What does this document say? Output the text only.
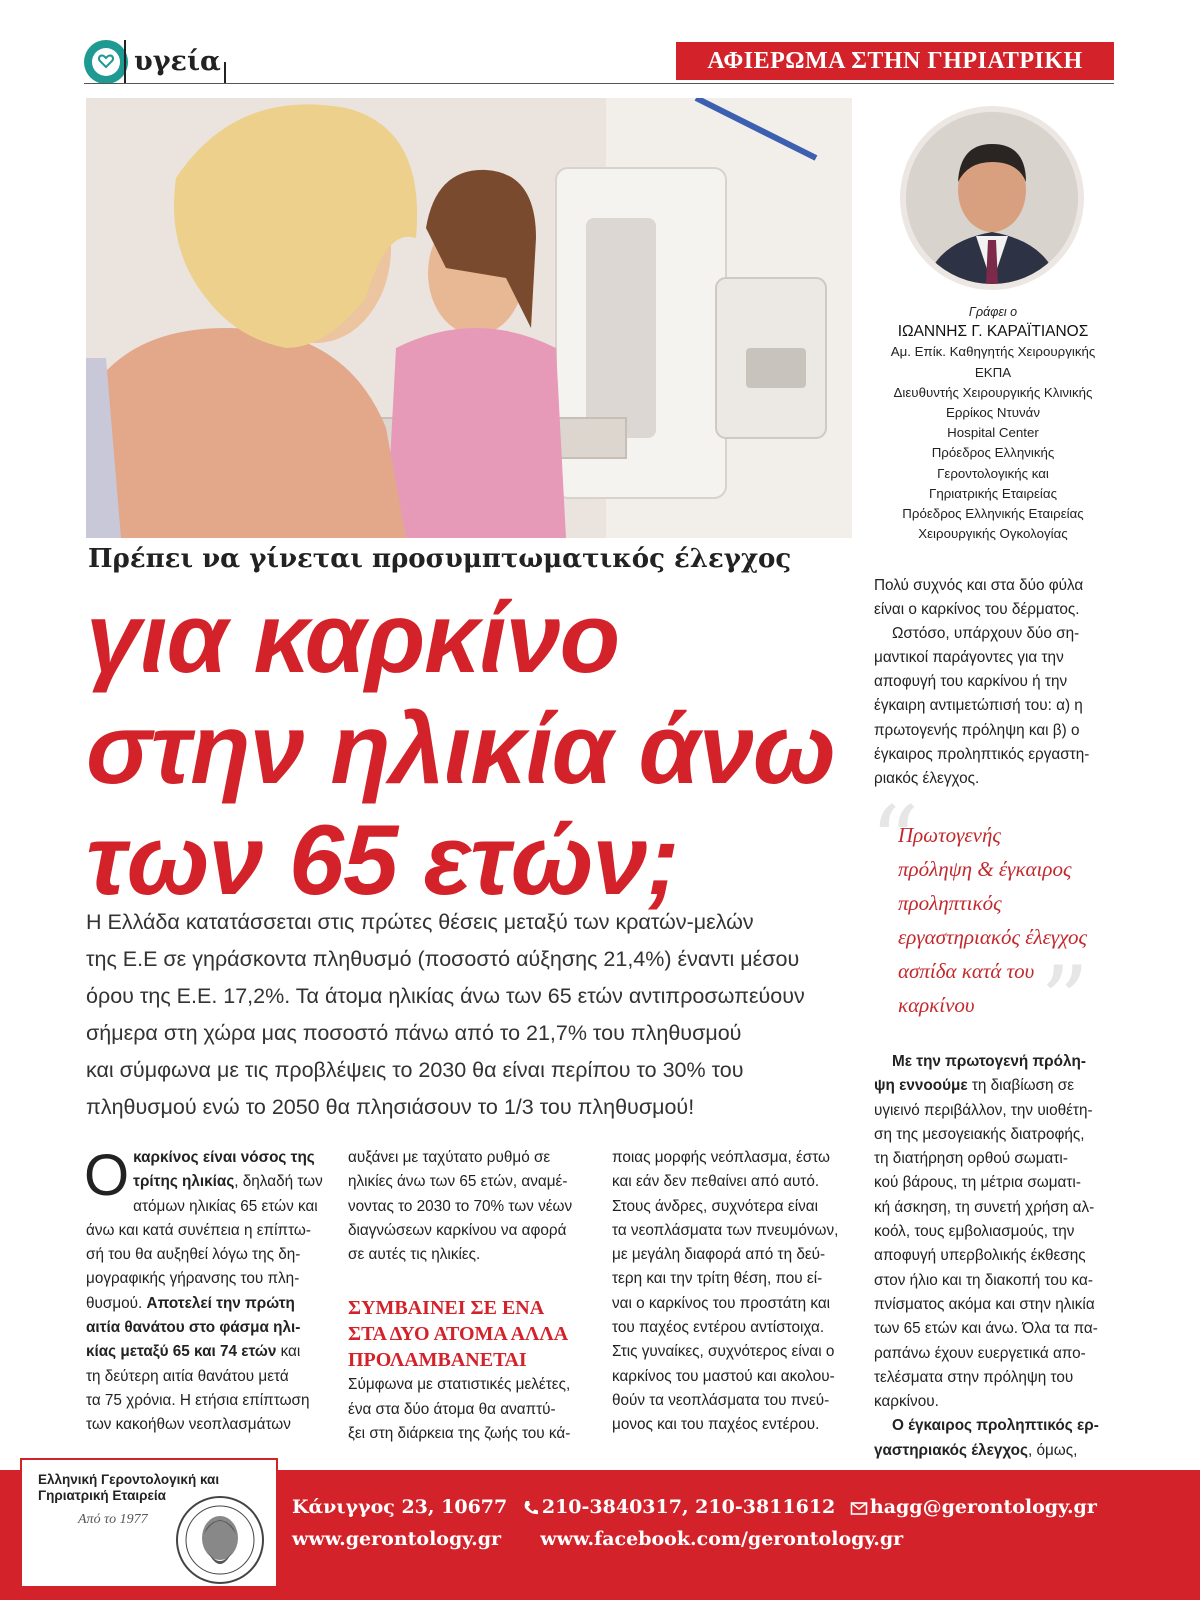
υγεία	ΑΦΙΕΡΩΜΑ ΣΤΗΝ ΓΗΡΙΑΤΡΙΚΗ
Γράφει ο
ΙΩΑΝΝΗΣ Γ. ΚΑΡΑΪΤΙΑΝΟΣ
Αμ. Επίκ. Καθηγητής Χειρουργικής
ΕΚΠΑ
Διευθυντής Χειρουργικής Κλινικής
Ερρίκος Ντυνάν
Hospital Center
Πρόεδρος Ελληνικής
Γεροντολογικής και
Γηριατρικής Εταιρείας
Πρόεδρος Ελληνικής Εταιρείας
Χειρουργικής Ογκολογίας
Πρέπει να γίνεται προσυμπτωματικός έλεγχος
για καρκίνο
στην ηλικία άνω
των 65 ετών;
Η Ελλάδα κατατάσσεται στις πρώτες θέσεις μεταξύ των κρατών-μελών
της Ε.Ε σε γηράσκοντα πληθυσμό (ποσοστό αύξησης 21,4%) έναντι μέσου
όρου της Ε.Ε. 17,2%. Τα άτομα ηλικίας άνω των 65 ετών αντιπροσωπεύουν
σήμερα στη χώρα μας ποσοστό πάνω από το 21,7% του πληθυσμού
και σύμφωνα με τις προβλέψεις το 2030 θα είναι περίπου το 30% του
πληθυσμού ενώ το 2050 θα πλησιάσουν το 1/3 του πληθυσμού!
Ο καρκίνος είναι νόσος της
τρίτης ηλικίας, δηλαδή των
ατόμων ηλικίας 65 ετών και
άνω και κατά συνέπεια η επίπτω-
σή του θα αυξηθεί λόγω της δη-
μογραφικής γήρανσης του πλη-
θυσμού. Αποτελεί την πρώτη
αιτία θανάτου στο φάσμα ηλι-
κίας μεταξύ 65 και 74 ετών και
τη δεύτερη αιτία θανάτου μετά
τα 75 χρόνια. Η ετήσια επίπτωση
των κακοήθων νεοπλασμάτων
αυξάνει με ταχύτατο ρυθμό σε
ηλικίες άνω των 65 ετών, αναμέ-
νοντας το 2030 το 70% των νέων
διαγνώσεων καρκίνου να αφορά
σε αυτές τις ηλικίες.
ΣΥΜΒΑΙΝΕΙ ΣΕ ΕΝΑ
ΣΤΑ ΔΥΟ ΑΤΟΜΑ ΑΛΛΑ
ΠΡΟΛΑΜΒΑΝΕΤΑΙ
Σύμφωνα με στατιστικές μελέτες,
ένα στα δύο άτομα θα αναπτύ-
ξει στη διάρκεια της ζωής του κά-
ποιας μορφής νεόπλασμα, έστω
και εάν δεν πεθαίνει από αυτό.
Στους άνδρες, συχνότερα είναι
τα νεοπλάσματα των πνευμόνων,
με μεγάλη διαφορά από τη δεύ-
τερη και την τρίτη θέση, που εί-
ναι ο καρκίνος του προστάτη και
του παχέος εντέρου αντίστοιχα.
Στις γυναίκες, συχνότερος είναι ο
καρκίνος του μαστού και ακολου-
θούν τα νεοπλάσματα του πνεύ-
μονος και του παχέος εντέρου.
Πολύ συχνός και στα δύο φύλα
είναι ο καρκίνος του δέρματος.
Ωστόσο, υπάρχουν δύο ση-
μαντικοί παράγοντες για την
αποφυγή του καρκίνου ή την
έγκαιρη αντιμετώπισή του: α) η
πρωτογενής πρόληψη και β) ο
έγκαιρος προληπτικός εργαστη-
ριακός έλεγχος.
“
”
Πρωτογενής
πρόληψη & έγκαιρος
προληπτικός
εργαστηριακός έλεγχος
ασπίδα κατά του
καρκίνου
Με την πρωτογενή πρόλη-
ψη εννοούμε τη διαβίωση σε
υγιεινό περιβάλλον, την υιοθέτη-
ση της μεσογειακής διατροφής,
τη διατήρηση ορθού σωματι-
κού βάρους, τη μέτρια σωματι-
κή άσκηση, τη συνετή χρήση αλ-
κοόλ, τους εμβολιασμούς, την
αποφυγή υπερβολικής έκθεσης
στον ήλιο και τη διακοπή του κα-
πνίσματος ακόμα και στην ηλικία
των 65 ετών και άνω. Όλα τα πα-
ραπάνω έχουν ευεργετικά απο-
τελέσματα στην πρόληψη του
καρκίνου.
Ο έγκαιρος προληπτικός ερ-
γαστηριακός έλεγχος, όμως,
Ελληνική Γεροντολογική και
Γηριατρική Εταιρεία
Από το 1977
Κάνιγγος 23, 10677 210-3840317, 210-3811612 hagg@gerontology.gr
www.gerontology.gr www.facebook.com/gerontology.gr
